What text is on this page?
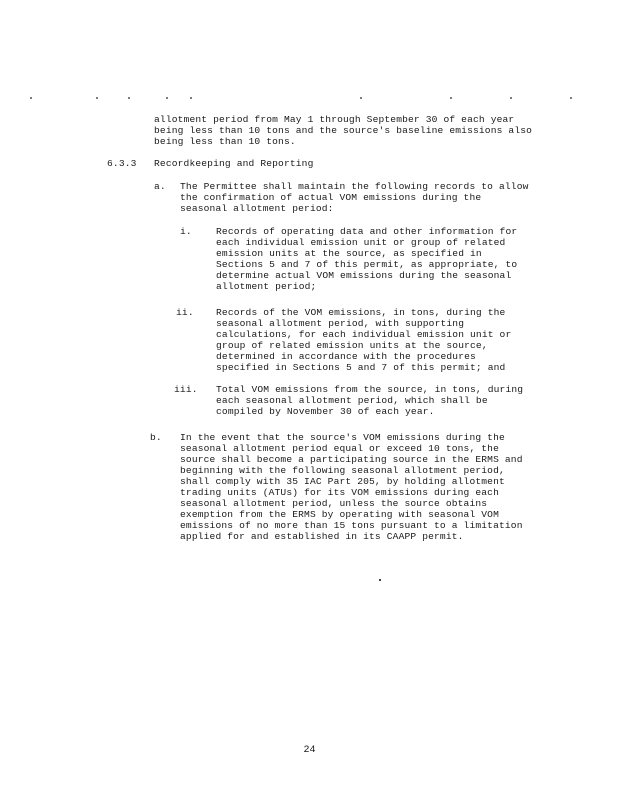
allotment period from May 1 through September 30 of each year
being less than 10 tons and the source's baseline emissions also
being less than 10 tons.
6.3.3 Recordkeeping and Reporting
a. The Permittee shall maintain the following records to allow
the confirmation of actual VOM emissions during the
seasonal allotment period:
i.	Records of operating data and other information for
each individual emission unit or group of related
emission units at the source, as specified in
Sections 5 and 7 of this permit, as appropriate, to
determine actual VOM emissions during the seasonal
allotment period;
ii. Records of the VOM emissions, in tons, during the
seasonal allotment period, with supporting
calculations, for each individual emission unit or
group of related emission units at the source,
determined in accordance with the procedures
specified in Sections 5 and 7 of this permit; and
iii. Total VOM emissions from the source, in tons, during
each seasonal allotment period, which shall be
compiled by November 30 of each year.
b. In the event that the source's VOM emissions during the
seasonal allotment period equal or exceed 10 tons, the
source shall become a participating source in the ERMS and
beginning with the following seasonal allotment period,
shall comply with 35 IAC Part 205, by holding allotment
trading units (ATUs) for its VOM emissions during each
seasonal allotment period, unless the source obtains
exemption from the ERMS by operating with seasonal VOM
emissions of no more than 15 tons pursuant to a limitation
applied for and established in its CAAPP permit.
24
